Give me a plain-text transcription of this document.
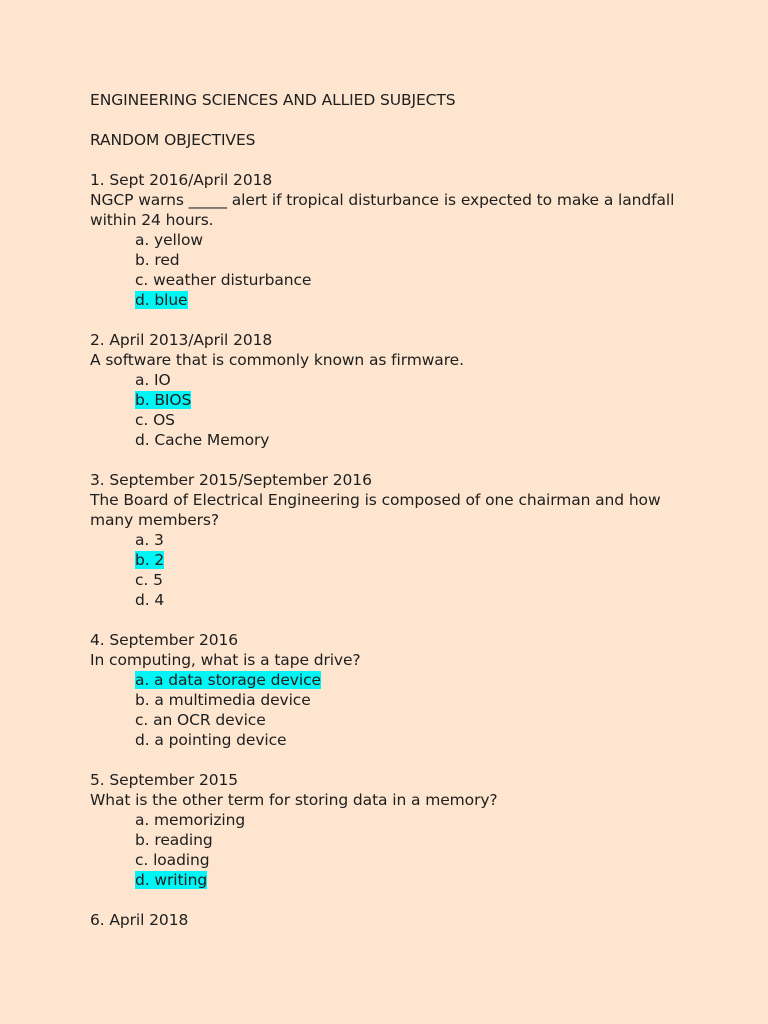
ENGINEERING SCIENCES AND ALLIED SUBJECTS

RANDOM OBJECTIVES

1. Sept 2016/April 2018

NGCP warns _____ alert if tropical disturbance is expected to make a landfall within 24 hours.

a. yellow

b. red

c. weather disturbance

d. blue

2. April 2013/April 2018

A software that is commonly known as firmware.

a. IO

b. BIOS

c. OS

d. Cache Memory

3. September 2015/September 2016

The Board of Electrical Engineering is composed of one chairman and how many members?

a. 3

b. 2

c. 5

d. 4

4. September 2016

In computing, what is a tape drive?

a. a data storage device

b. a multimedia device

c. an OCR device

d. a pointing device

5. September 2015

What is the other term for storing data in a memory?

a. memorizing

b. reading

c. loading

d. writing

6. April 2018
